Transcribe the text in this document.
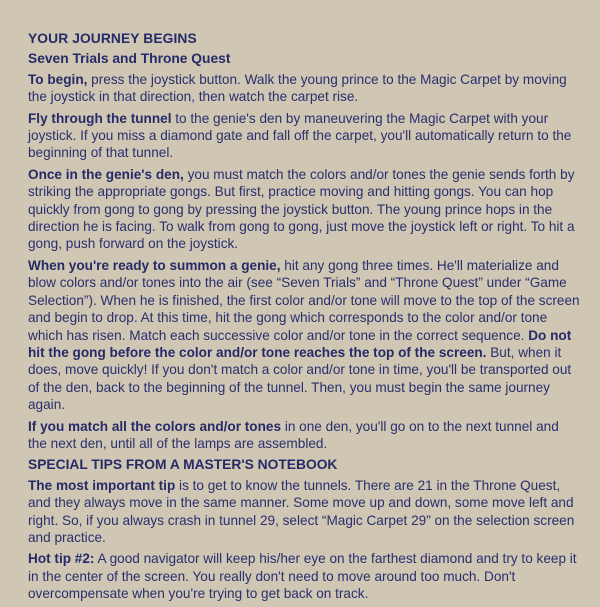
YOUR JOURNEY BEGINS
Seven Trials and Throne Quest

To begin, press the joystick button. Walk the young prince to the Magic Carpet by moving the joystick in that direction, then watch the carpet rise.

Fly through the tunnel to the genie's den by maneuvering the Magic Carpet with your joystick. If you miss a diamond gate and fall off the carpet, you'll automatically return to the beginning of that tunnel.

Once in the genie's den, you must match the colors and/or tones the genie sends forth by striking the appropriate gongs. But first, practice moving and hitting gongs. You can hop quickly from gong to gong by pressing the joystick button. The young prince hops in the direction he is facing. To walk from gong to gong, just move the joystick left or right. To hit a gong, push forward on the joystick.

When you're ready to summon a genie, hit any gong three times. He'll materialize and blow colors and/or tones into the air (see “Seven Trials” and “Throne Quest” under “Game Selection”). When he is finished, the first color and/or tone will move to the top of the screen and begin to drop. At this time, hit the gong which corresponds to the color and/or tone which has risen. Match each successive color and/or tone in the correct sequence. Do not hit the gong before the color and/or tone reaches the top of the screen. But, when it does, move quickly! If you don't match a color and/or tone in time, you'll be transported out of the den, back to the beginning of the tunnel. Then, you must begin the same journey again.

If you match all the colors and/or tones in one den, you'll go on to the next tunnel and the next den, until all of the lamps are assembled.

SPECIAL TIPS FROM A MASTER'S NOTEBOOK

The most important tip is to get to know the tunnels. There are 21 in the Throne Quest, and they always move in the same manner. Some move up and down, some move left and right. So, if you always crash in tunnel 29, select “Magic Carpet 29” on the selection screen and practice.

Hot tip #2: A good navigator will keep his/her eye on the farthest diamond and try to keep it in the center of the screen. You really don't need to move around too much. Don't overcompensate when you're trying to get back on track.
